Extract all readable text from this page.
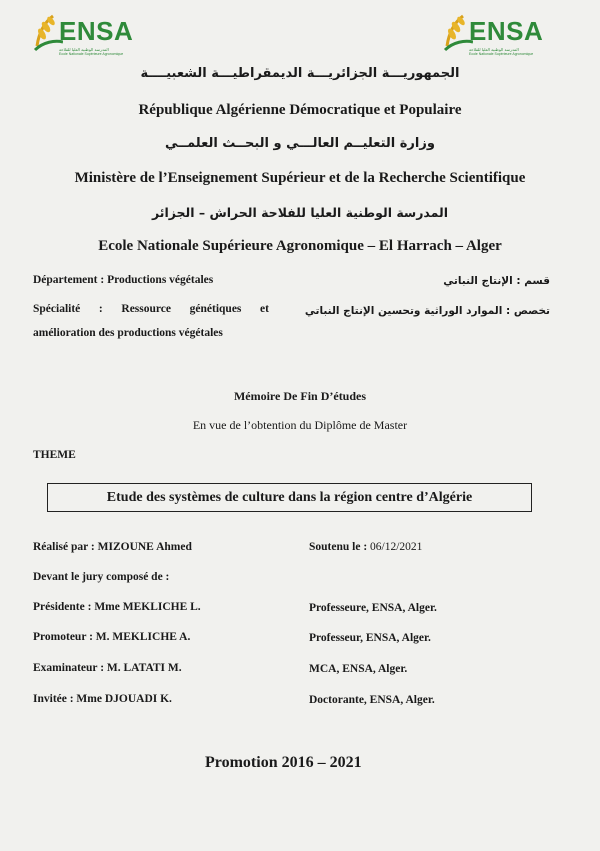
ENSA
المدرسة الوطنية العليا للفلاحة
Ecole Nationale Supérieure Agronomique
ENSA
المدرسة الوطنية العليا للفلاحة
Ecole Nationale Supérieure Agronomique
الجمهوريـــة الجزائريـــة الديمقراطيـــة الشعبيــــة
République Algérienne Démocratique et Populaire
وزارة التعليــم العالـــي و البحــث العلمــي
Ministère de l’Enseignement Supérieur et de la Recherche Scientifique
المدرسة الوطنية العليا للفلاحة الحراش – الجزائر
Ecole Nationale Supérieure Agronomique – El Harrach – Alger
Département : Productions végétales	قسم : الإنتاج النباتي
Spécialité : Ressource génétiques et
amélioration des productions végétales
تخصص : الموارد الوراثية وتحسين الإنتاج النباتي
Mémoire De Fin D’études
En vue de l’obtention du Diplôme de Master
THEME
Etude des systèmes de culture dans la région centre d’Algérie
Réalisé par : MIZOUNE Ahmed	Soutenu le : 06/12/2021
Devant le jury composé de :
Présidente : Mme MEKLICHE L.	Professeure, ENSA, Alger.
Promoteur : M. MEKLICHE A.	Professeur, ENSA, Alger.
Examinateur : M. LATATI M.	MCA, ENSA, Alger.
Invitée : Mme DJOUADI K.	Doctorante, ENSA, Alger.
Promotion 2016 – 2021
